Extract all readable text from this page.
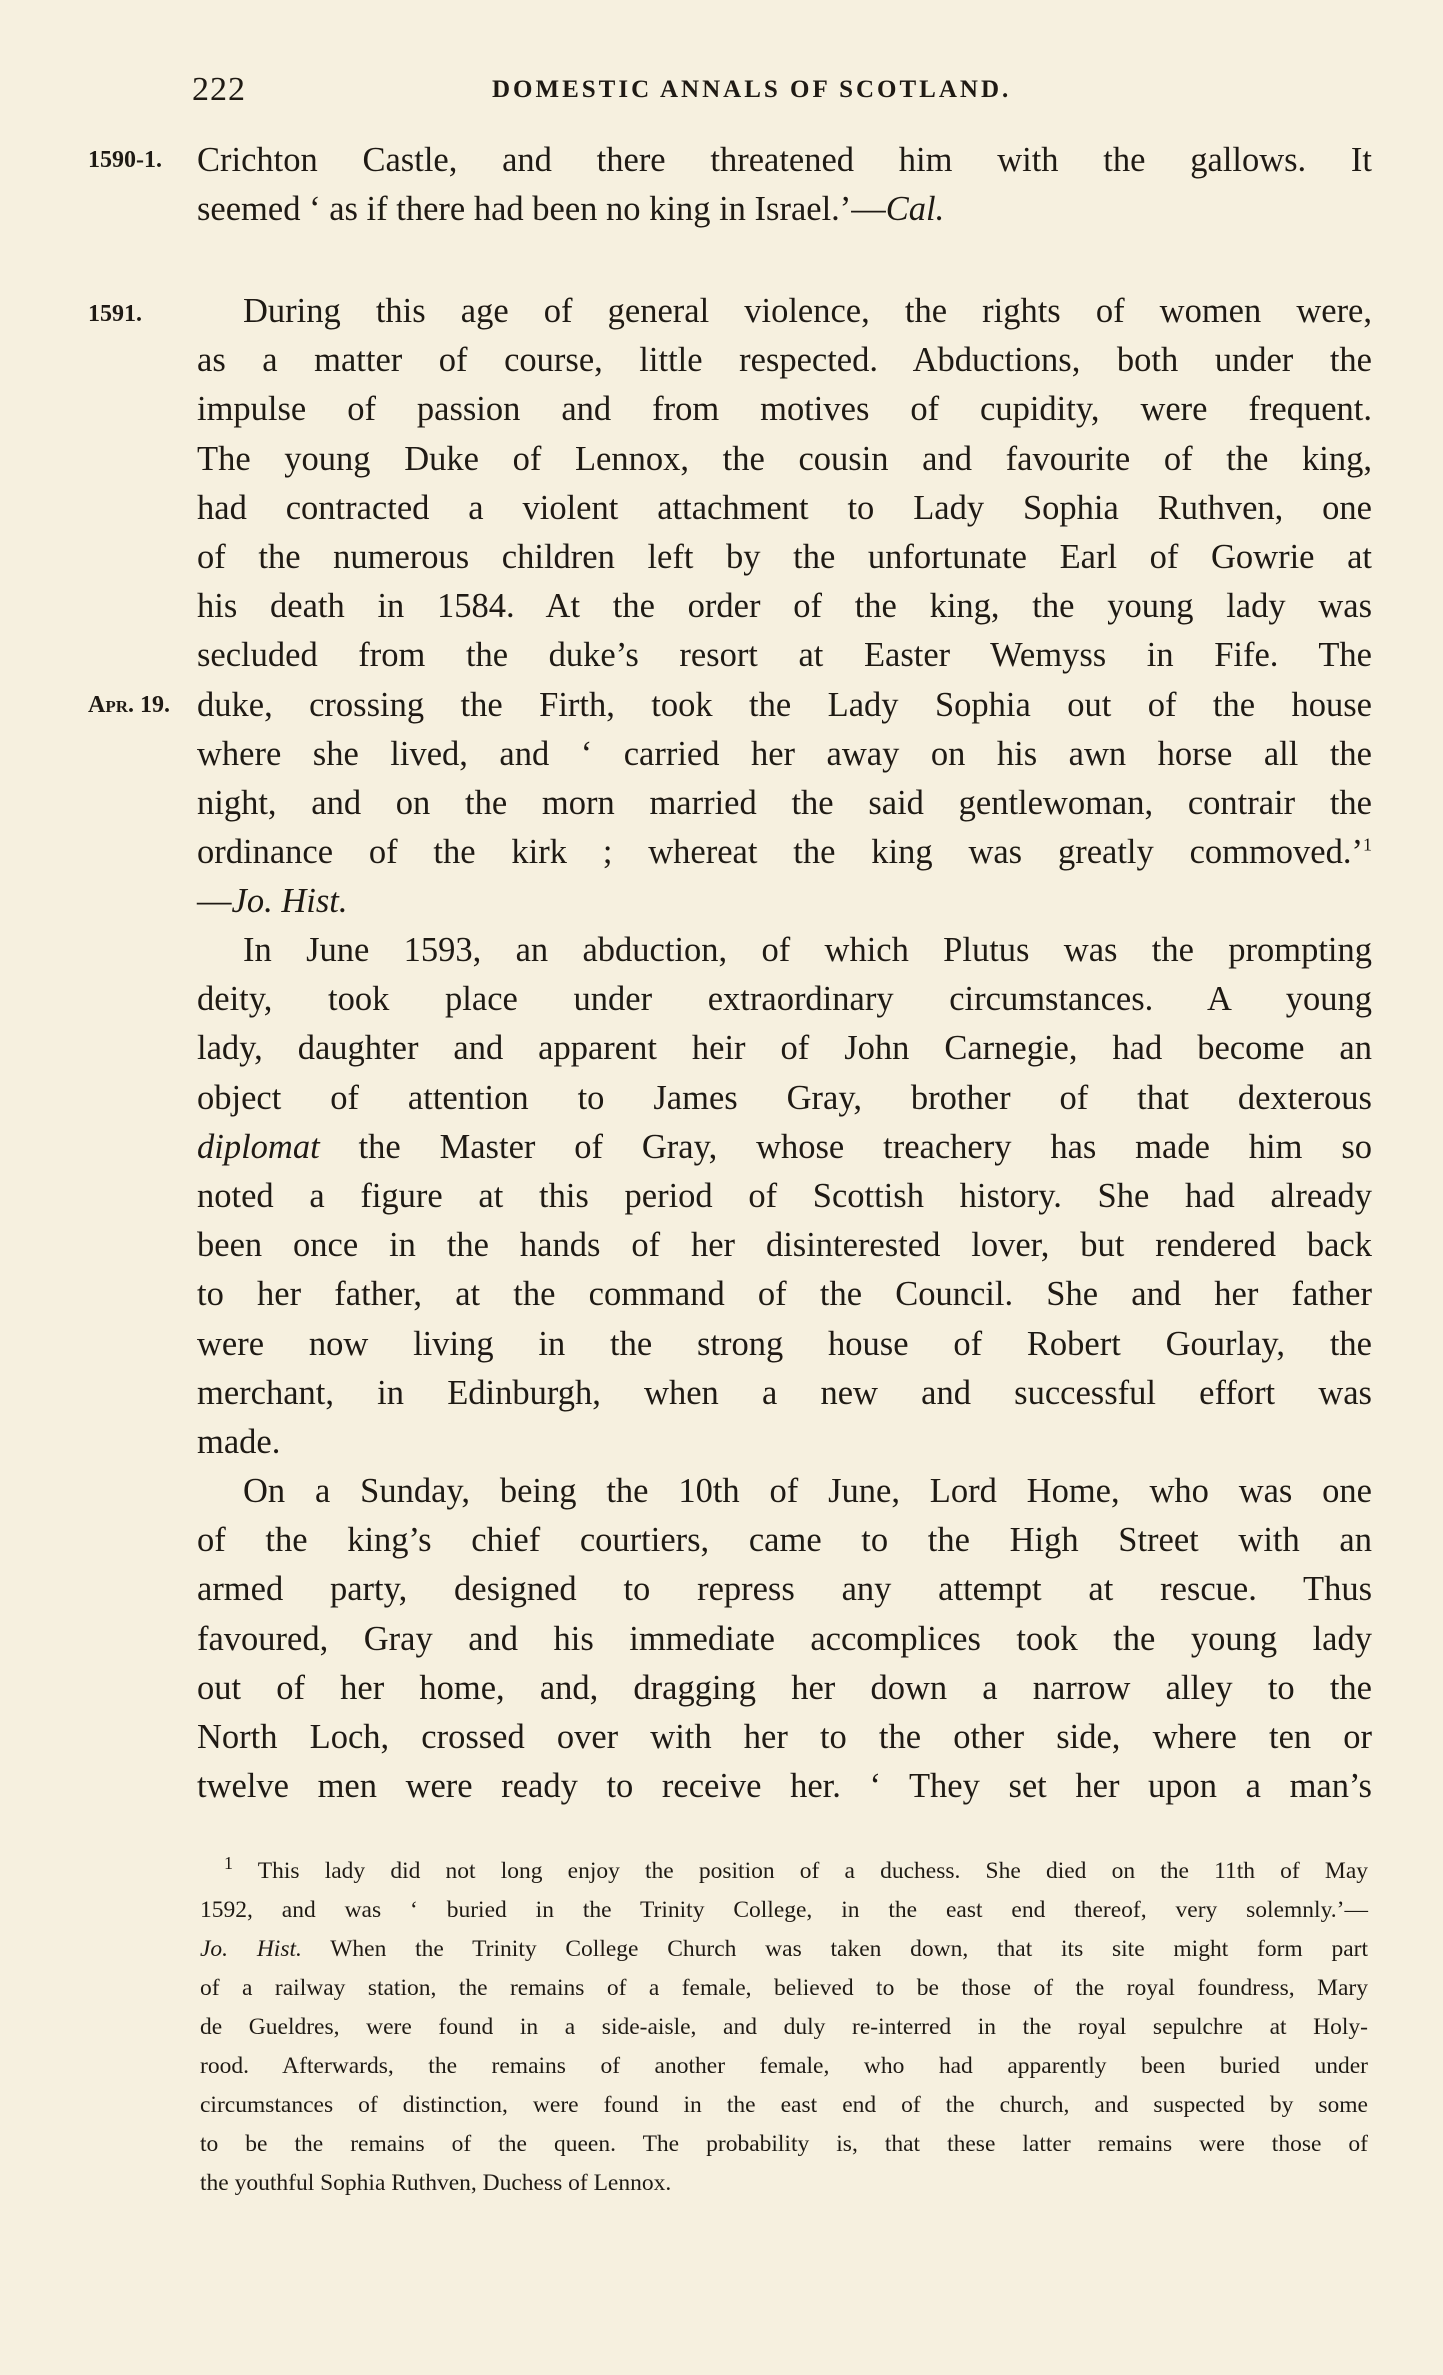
222	DOMESTIC ANNALS OF SCOTLAND.
1590-1.
1591.
Apr. 19.
Crichton Castle, and there threatened him with the gallows. It
seemed ‘ as if there had been no king in Israel.’—Cal.
During this age of general violence, the rights of women were,
as a matter of course, little respected. Abductions, both under the
impulse of passion and from motives of cupidity, were frequent.
The young Duke of Lennox, the cousin and favourite of the king,
had contracted a violent attachment to Lady Sophia Ruthven, one
of the numerous children left by the unfortunate Earl of Gowrie at
his death in 1584. At the order of the king, the young lady was
secluded from the duke’s resort at Easter Wemyss in Fife. The
duke, crossing the Firth, took the Lady Sophia out of the house
where she lived, and ‘ carried her away on his awn horse all the
night, and on the morn married the said gentlewoman, contrair the
ordinance of the kirk ; whereat the king was greatly commoved.’$^1$
—Jo. Hist.
In June 1593, an abduction, of which Plutus was the prompting
deity, took place under extraordinary circumstances. A young
lady, daughter and apparent heir of John Carnegie, had become an
object of attention to James Gray, brother of that dexterous
diplomat the Master of Gray, whose treachery has made him so
noted a figure at this period of Scottish history. She had already
been once in the hands of her disinterested lover, but rendered back
to her father, at the command of the Council. She and her father
were now living in the strong house of Robert Gourlay, the
merchant, in Edinburgh, when a new and successful effort was
made.
On a Sunday, being the 10th of June, Lord Home, who was one
of the king’s chief courtiers, came to the High Street with an
armed party, designed to repress any attempt at rescue. Thus
favoured, Gray and his immediate accomplices took the young lady
out of her home, and, dragging her down a narrow alley to the
North Loch, crossed over with her to the other side, where ten or
twelve men were ready to receive her. ‘ They set her upon a man’s
$^1$ This lady did not long enjoy the position of a duchess. She died on the 11th of May
1592, and was ‘ buried in the Trinity College, in the east end thereof, very solemnly.’—
Jo. Hist. When the Trinity College Church was taken down, that its site might form part
of a railway station, the remains of a female, believed to be those of the royal foundress, Mary
de Gueldres, were found in a side-aisle, and duly re-interred in the royal sepulchre at Holy-
rood. Afterwards, the remains of another female, who had apparently been buried under
circumstances of distinction, were found in the east end of the church, and suspected by some
to be the remains of the queen. The probability is, that these latter remains were those of
the youthful Sophia Ruthven, Duchess of Lennox.
